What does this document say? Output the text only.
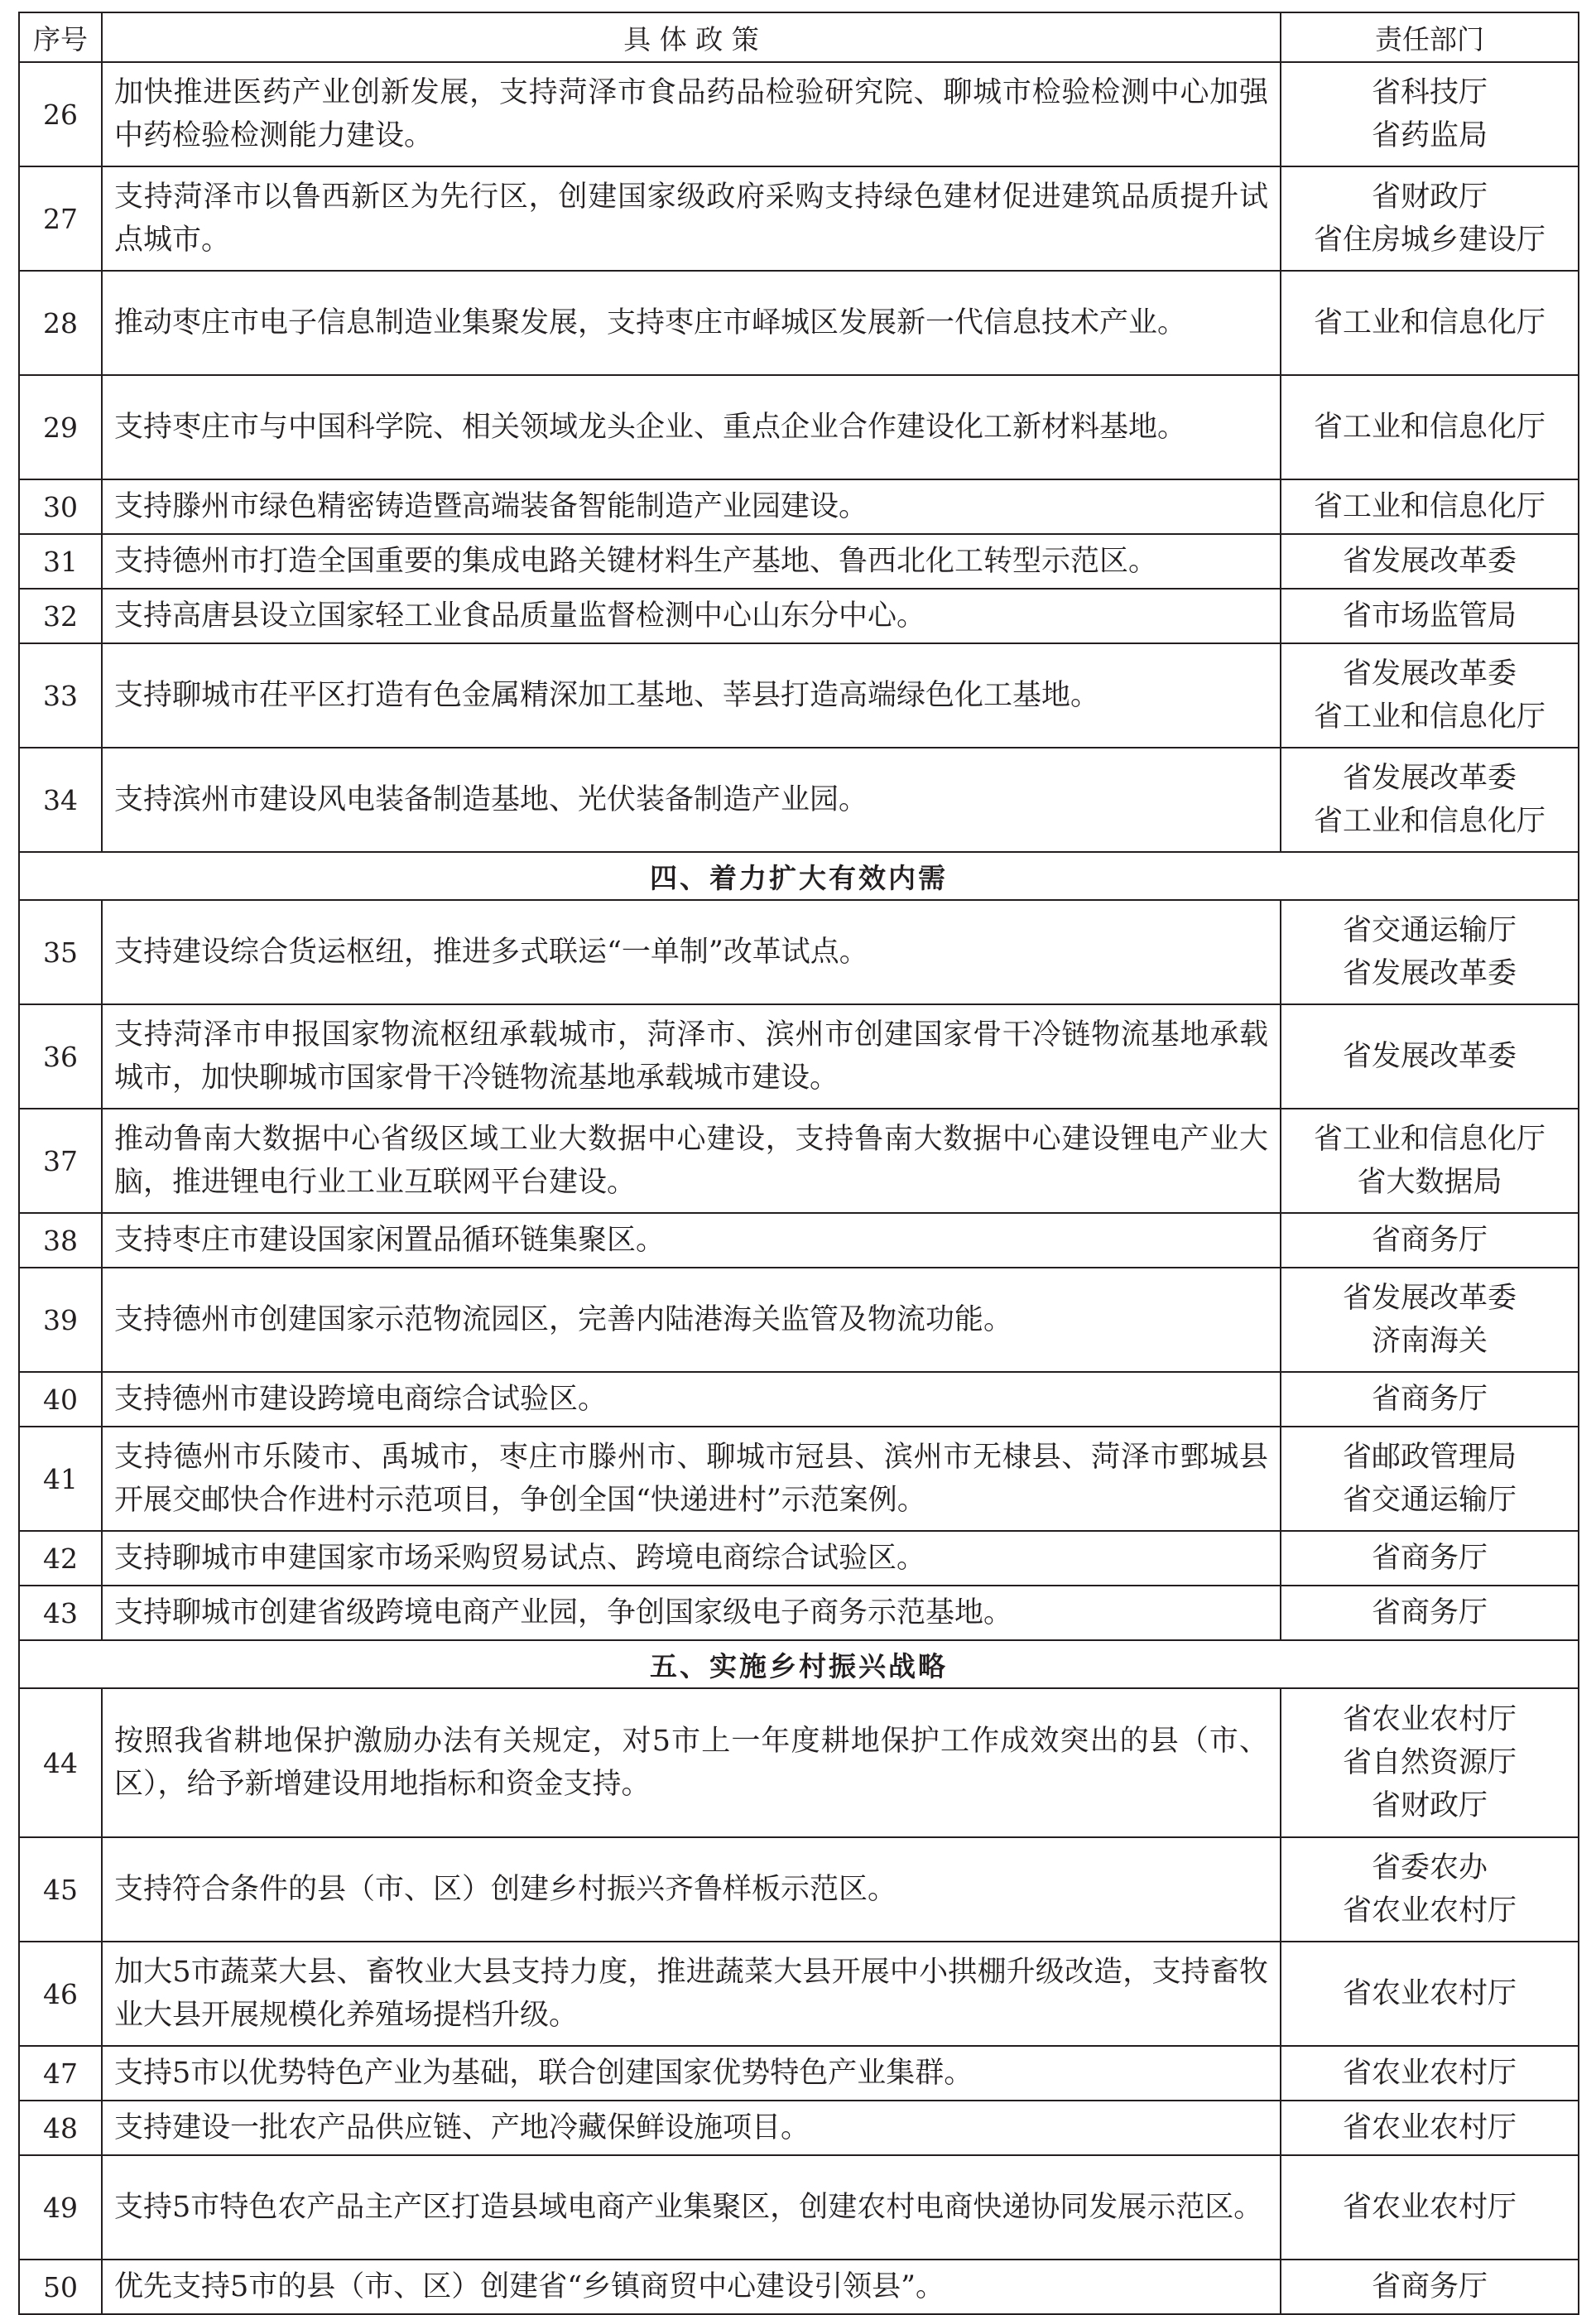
序号	具 体 政 策	责任部门
26	加快推进医药产业创新发展，支持菏泽市食品药品检验研究院、聊城市检验检测中心加强中药检验检测能力建设。	省科技厅
省药监局

27	支持菏泽市以鲁西新区为先行区，创建国家级政府采购支持绿色建材促进建筑品质提升试点城市。	省财政厅
省住房城乡建设厅

28	推动枣庄市电子信息制造业集聚发展，支持枣庄市峄城区发展新一代信息技术产业。	省工业和信息化厅

29	支持枣庄市与中国科学院、相关领域龙头企业、重点企业合作建设化工新材料基地。	省工业和信息化厅

30	支持滕州市绿色精密铸造暨高端装备智能制造产业园建设。	省工业和信息化厅

31	支持德州市打造全国重要的集成电路关键材料生产基地、鲁西北化工转型示范区。	省发展改革委

32	支持高唐县设立国家轻工业食品质量监督检测中心山东分中心。	省市场监管局

33	支持聊城市茌平区打造有色金属精深加工基地、莘县打造高端绿色化工基地。	省发展改革委
省工业和信息化厅

34	支持滨州市建设风电装备制造基地、光伏装备制造产业园。	省发展改革委
省工业和信息化厅

四、着力扩大有效内需		
35	支持建设综合货运枢纽，推进多式联运“一单制”改革试点。	省交通运输厅
省发展改革委

36	支持菏泽市申报国家物流枢纽承载城市，菏泽市、滨州市创建国家骨干冷链物流基地承载城市，加快聊城市国家骨干冷链物流基地承载城市建设。	省发展改革委

37	推动鲁南大数据中心省级区域工业大数据中心建设，支持鲁南大数据中心建设锂电产业大脑，推进锂电行业工业互联网平台建设。	省工业和信息化厅
省大数据局

38	支持枣庄市建设国家闲置品循环链集聚区。	省商务厅

39	支持德州市创建国家示范物流园区，完善内陆港海关监管及物流功能。	省发展改革委
济南海关

40	支持德州市建设跨境电商综合试验区。	省商务厅

41	支持德州市乐陵市、禹城市，枣庄市滕州市、聊城市冠县、滨州市无棣县、菏泽市鄄城县开展交邮快合作进村示范项目，争创全国“快递进村”示范案例。	省邮政管理局
省交通运输厅

42	支持聊城市申建国家市场采购贸易试点、跨境电商综合试验区。	省商务厅

43	支持聊城市创建省级跨境电商产业园，争创国家级电子商务示范基地。	省商务厅

五、实施乡村振兴战略		
44	按照我省耕地保护激励办法有关规定，对5市上一年度耕地保护工作成效突出的县（市、区），给予新增建设用地指标和资金支持。	省农业农村厅
省自然资源厅
省财政厅

45	支持符合条件的县（市、区）创建乡村振兴齐鲁样板示范区。	省委农办
省农业农村厅

46	加大5市蔬菜大县、畜牧业大县支持力度，推进蔬菜大县开展中小拱棚升级改造，支持畜牧业大县开展规模化养殖场提档升级。	省农业农村厅

47	支持5市以优势特色产业为基础，联合创建国家优势特色产业集群。	省农业农村厅

48	支持建设一批农产品供应链、产地冷藏保鲜设施项目。	省农业农村厅

49	支持5市特色农产品主产区打造县域电商产业集聚区，创建农村电商快递协同发展示范区。	省农业农村厅

50	优先支持5市的县（市、区）创建省“乡镇商贸中心建设引领县”。	省商务厅
